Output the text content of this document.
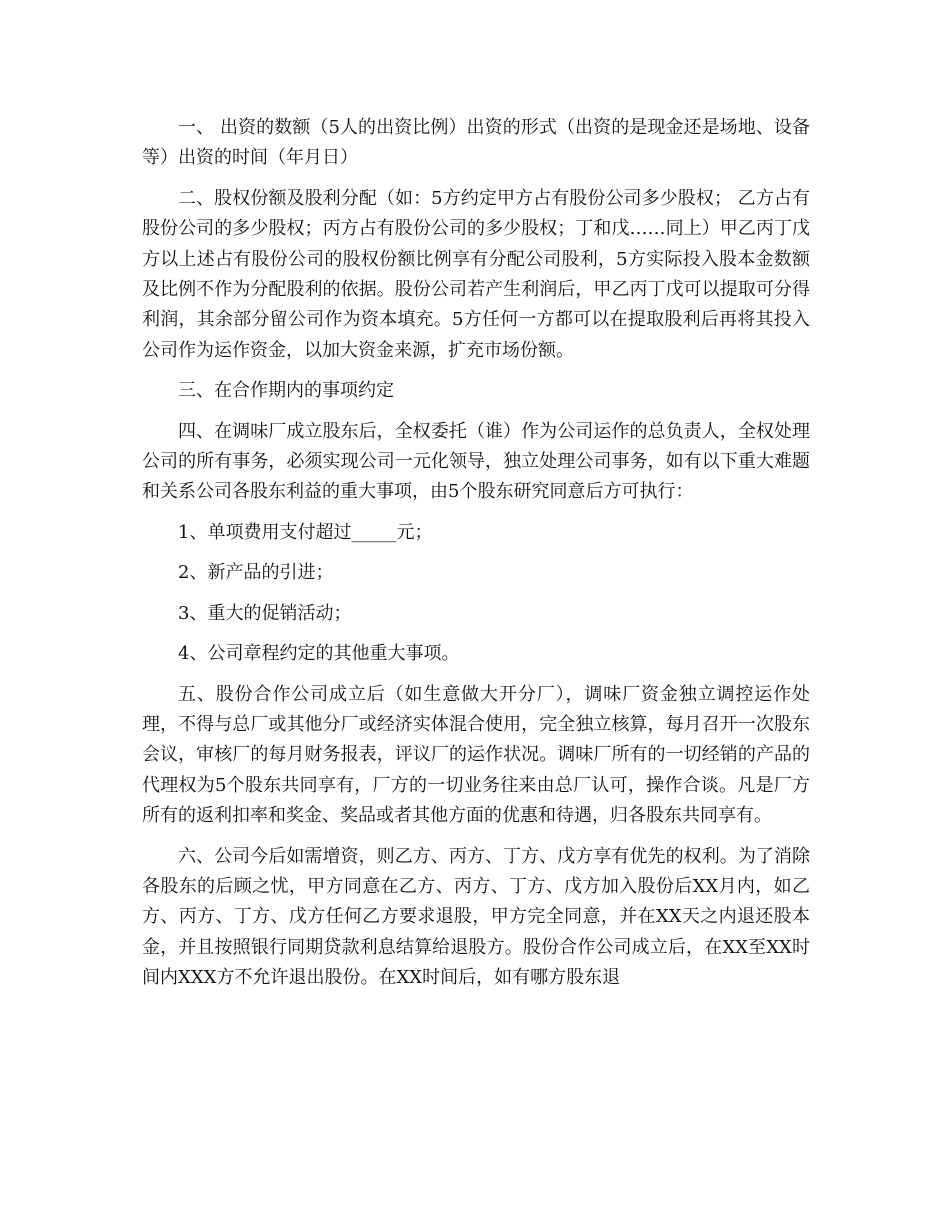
一、 出资的数额（5人的出资比例）出资的形式（出资的是现金还是场地、设备等）出资的时间（年月日）

二、股权份额及股利分配（如：5方约定甲方占有股份公司多少股权； 乙方占有股份公司的多少股权；丙方占有股份公司的多少股权；丁和戊……同上）甲乙丙丁戊方以上述占有股份公司的股权份额比例享有分配公司股利，5方实际投入股本金数额及比例不作为分配股利的依据。股份公司若产生利润后，甲乙丙丁戊可以提取可分得利润，其余部分留公司作为资本填充。5方任何一方都可以在提取股利后再将其投入公司作为运作资金，以加大资金来源，扩充市场份额。

三、在合作期内的事项约定

四、在调味厂成立股东后，全权委托（谁）作为公司运作的总负责人，全权处理公司的所有事务，必须实现公司一元化领导，独立处理公司事务，如有以下重大难题和关系公司各股东利益的重大事项，由5个股东研究同意后方可执行：

1、单项费用支付超过_____元；

2、新产品的引进；

3、重大的促销活动；

4、公司章程约定的其他重大事项。

五、股份合作公司成立后（如生意做大开分厂），调味厂资金独立调控运作处理，不得与总厂或其他分厂或经济实体混合使用，完全独立核算，每月召开一次股东会议，审核厂的每月财务报表，评议厂的运作状况。调味厂所有的一切经销的产品的代理权为5个股东共同享有，厂方的一切业务往来由总厂认可，操作合谈。凡是厂方所有的返利扣率和奖金、奖品或者其他方面的优惠和待遇，归各股东共同享有。

六、公司今后如需增资，则乙方、丙方、丁方、戊方享有优先的权利。为了消除各股东的后顾之忧，甲方同意在乙方、丙方、丁方、戊方加入股份后XX月内，如乙方、丙方、丁方、戊方任何乙方要求退股，甲方完全同意，并在XX天之内退还股本金，并且按照银行同期贷款利息结算给退股方。股份合作公司成立后，在XX至XX时间内XXX方不允许退出股份。在XX时间后，如有哪方股东退
